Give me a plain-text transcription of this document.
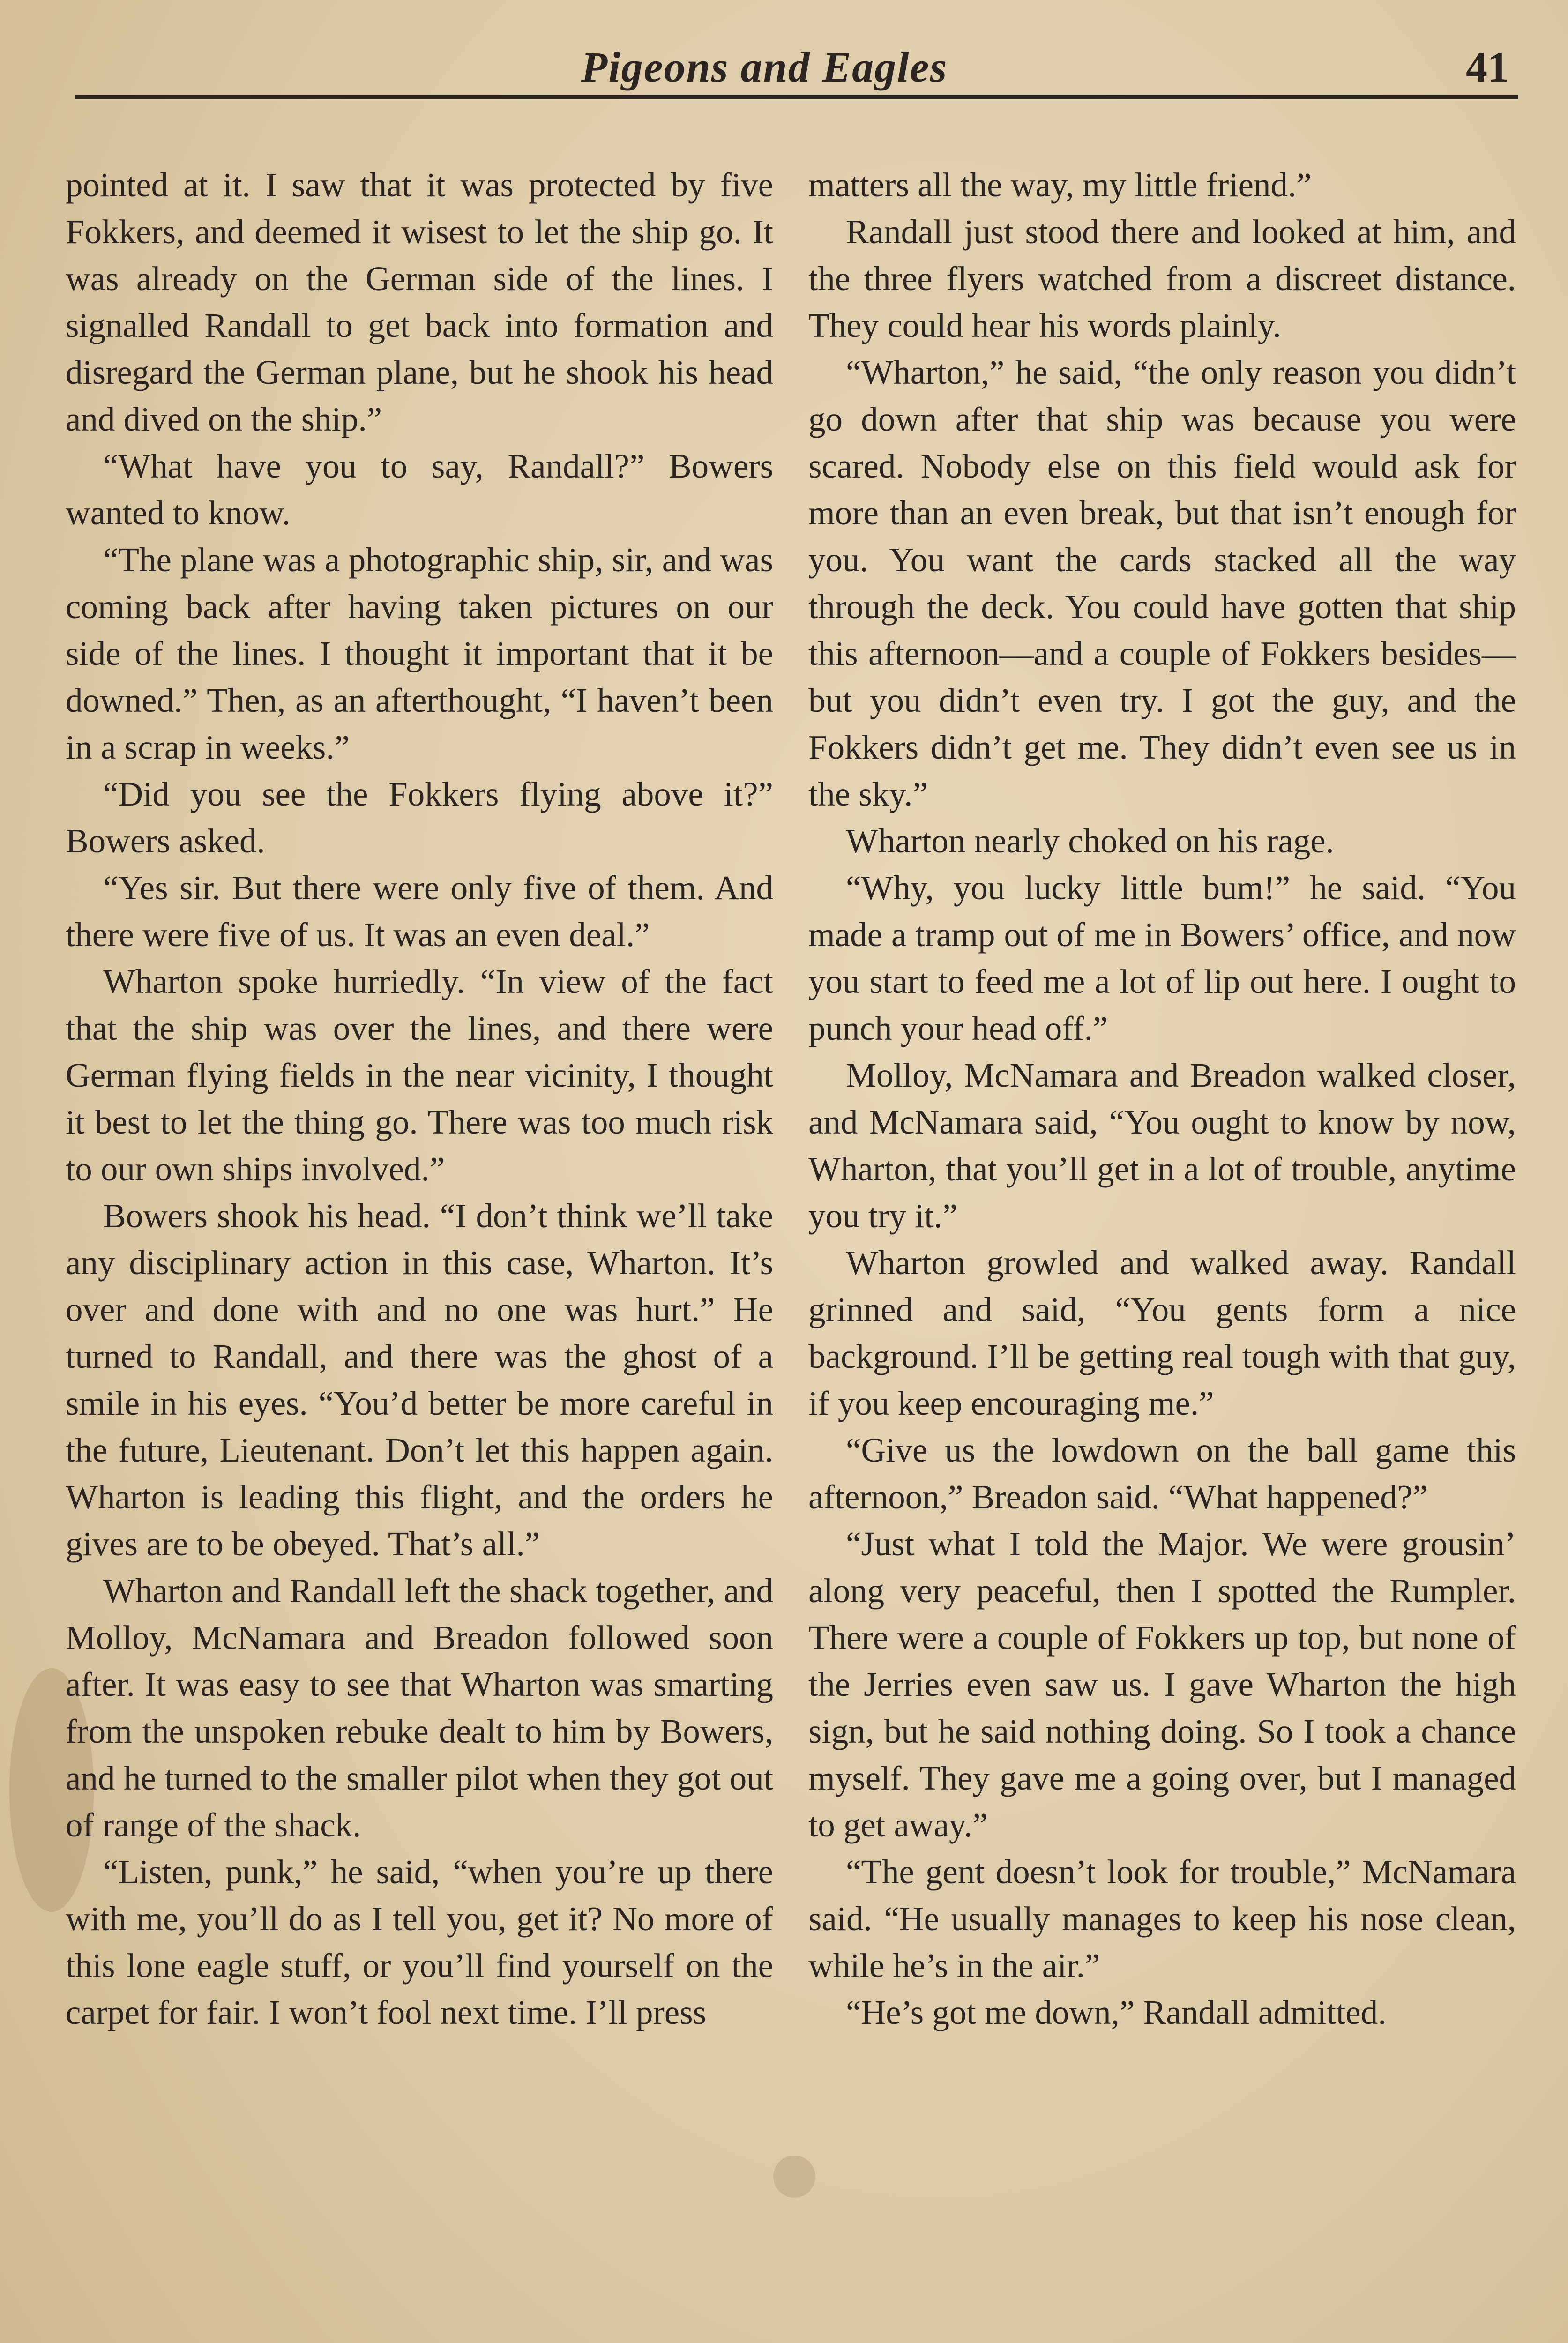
Pigeons and Eagles	41

pointed at it. I saw that it was protected by five Fokkers, and deemed it wisest to let the ship go. It was already on the German side of the lines. I signalled Randall to get back into formation and disregard the German plane, but he shook his head and dived on the ship.”

“What have you to say, Randall?” Bowers wanted to know.

“The plane was a photographic ship, sir, and was coming back after having taken pictures on our side of the lines. I thought it important that it be downed.” Then, as an afterthought, “I haven’t been in a scrap in weeks.”

“Did you see the Fokkers flying above it?” Bowers asked.

“Yes sir. But there were only five of them. And there were five of us. It was an even deal.”

Wharton spoke hurriedly. “In view of the fact that the ship was over the lines, and there were German flying fields in the near vicinity, I thought it best to let the thing go. There was too much risk to our own ships involved.”

Bowers shook his head. “I don’t think we’ll take any disciplinary action in this case, Wharton. It’s over and done with and no one was hurt.” He turned to Randall, and there was the ghost of a smile in his eyes. “You’d better be more careful in the future, Lieutenant. Don’t let this happen again. Wharton is leading this flight, and the orders he gives are to be obeyed. That’s all.”

Wharton and Randall left the shack together, and Molloy, McNamara and Breadon followed soon after. It was easy to see that Wharton was smarting from the unspoken rebuke dealt to him by Bowers, and he turned to the smaller pilot when they got out of range of the shack.

“Listen, punk,” he said, “when you’re up there with me, you’ll do as I tell you, get it? No more of this lone eagle stuff, or you’ll find yourself on the carpet for fair. I won’t fool next time. I’ll press

matters all the way, my little friend.”

Randall just stood there and looked at him, and the three flyers watched from a discreet distance. They could hear his words plainly.

“Wharton,” he said, “the only reason you didn’t go down after that ship was because you were scared. Nobody else on this field would ask for more than an even break, but that isn’t enough for you. You want the cards stacked all the way through the deck. You could have gotten that ship this afternoon—and a couple of Fokkers besides—but you didn’t even try. I got the guy, and the Fokkers didn’t get me. They didn’t even see us in the sky.”

Wharton nearly choked on his rage.

“Why, you lucky little bum!” he said. “You made a tramp out of me in Bowers’ office, and now you start to feed me a lot of lip out here. I ought to punch your head off.”

Molloy, McNamara and Breadon walked closer, and McNamara said, “You ought to know by now, Wharton, that you’ll get in a lot of trouble, anytime you try it.”

Wharton growled and walked away. Randall grinned and said, “You gents form a nice background. I’ll be getting real tough with that guy, if you keep encouraging me.”

“Give us the lowdown on the ball game this afternoon,” Breadon said. “What happened?”

“Just what I told the Major. We were grousin’ along very peaceful, then I spotted the Rumpler. There were a couple of Fokkers up top, but none of the Jerries even saw us. I gave Wharton the high sign, but he said nothing doing. So I took a chance myself. They gave me a going over, but I managed to get away.”

“The gent doesn’t look for trouble,” McNamara said. “He usually manages to keep his nose clean, while he’s in the air.”

“He’s got me down,” Randall admitted.
